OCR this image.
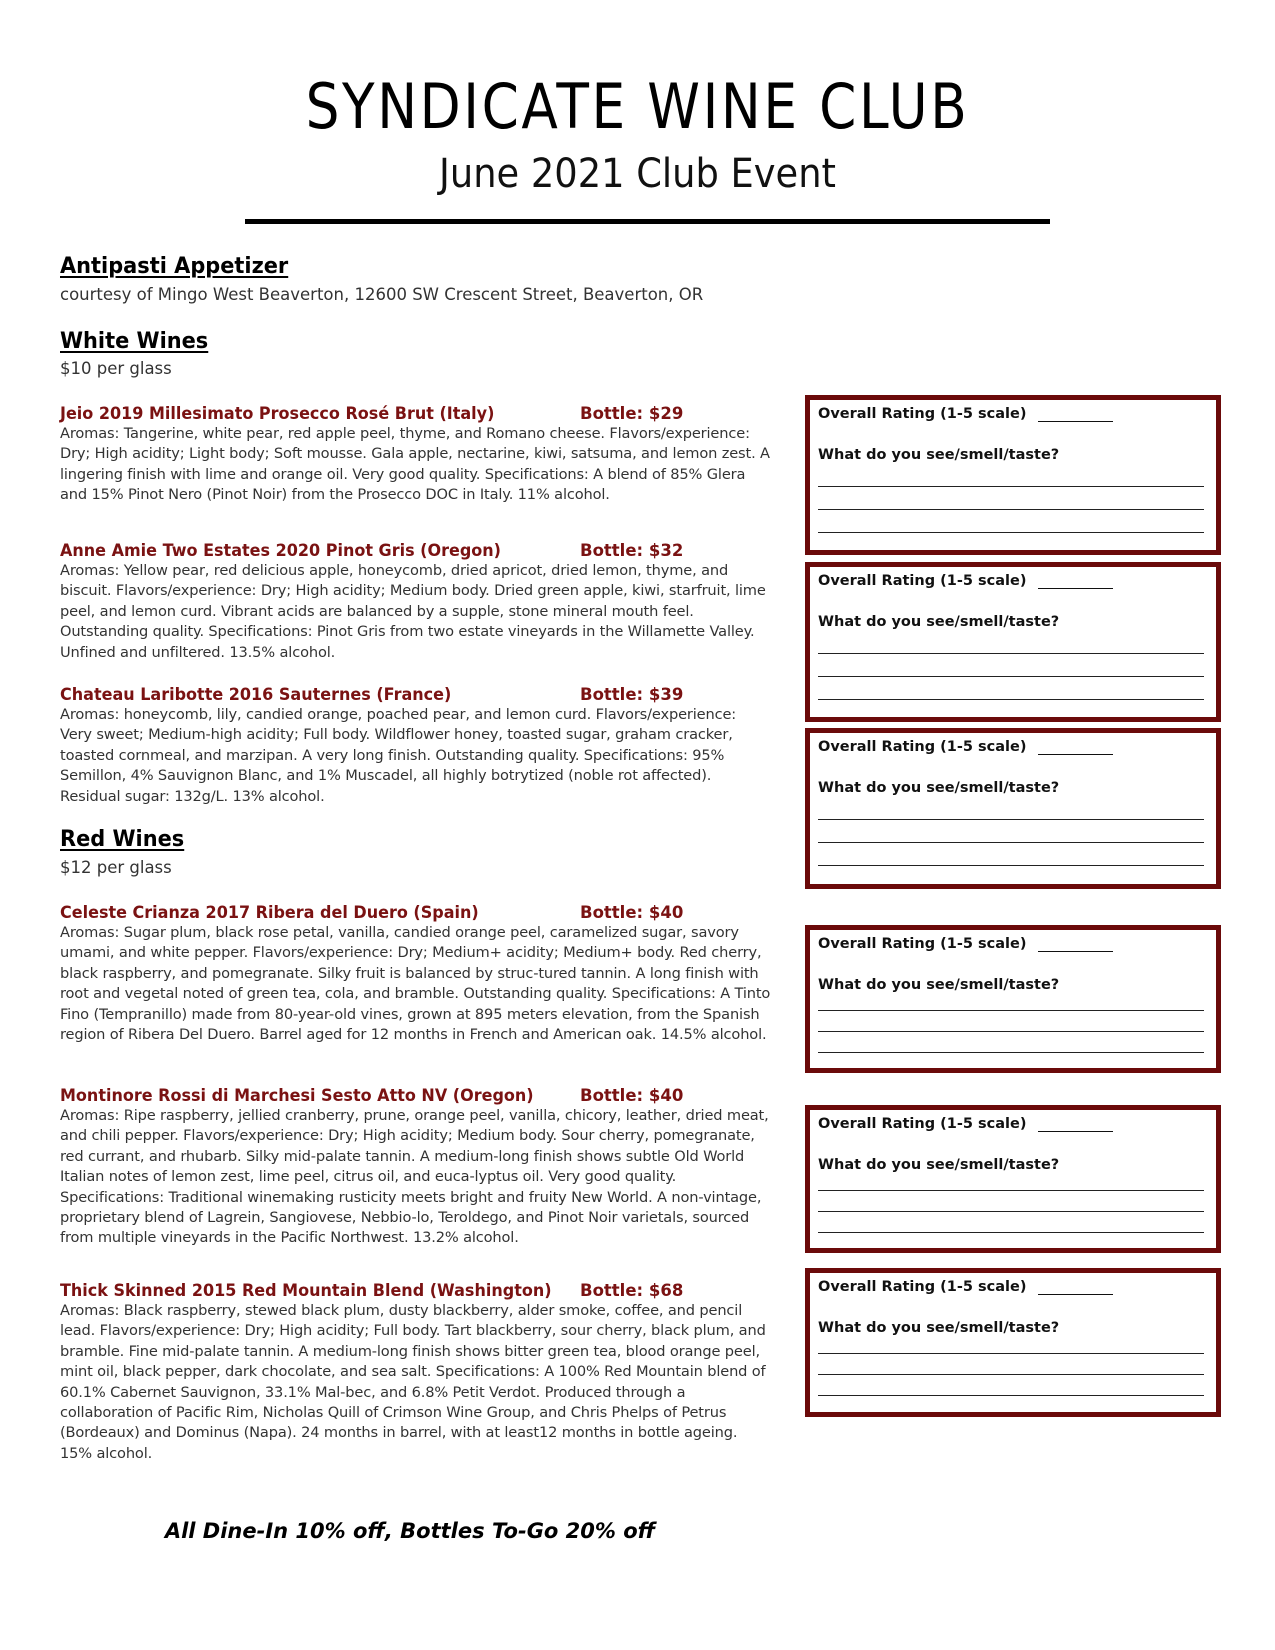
SYNDICATE WINE CLUB
June 2021 Club Event
Antipasti Appetizer
courtesy of Mingo West Beaverton, 12600 SW Crescent Street, Beaverton, OR
White Wines
$10 per glass
Jeio 2019 Millesimato Prosecco Rosé Brut (Italy)	Bottle: $29
Aromas: Tangerine, white pear, red apple peel, thyme, and Romano cheese. Flavors/experience: Dry; High acidity; Light body; Soft mousse. Gala apple, nectarine, kiwi, satsuma, and lemon zest. A lingering finish with lime and orange oil. Very good quality. Specifications: A blend of 85% Glera and 15% Pinot Nero (Pinot Noir) from the Prosecco DOC in Italy. 11% alcohol.
Anne Amie Two Estates 2020 Pinot Gris (Oregon)	Bottle: $32
Aromas: Yellow pear, red delicious apple, honeycomb, dried apricot, dried lemon, thyme, and biscuit. Flavors/experience: Dry; High acidity; Medium body. Dried green apple, kiwi, starfruit, lime peel, and lemon curd. Vibrant acids are balanced by a supple, stone mineral mouth feel. Outstanding quality. Specifications: Pinot Gris from two estate vineyards in the Willamette Valley. Unfined and unfiltered. 13.5% alcohol.
Chateau Laribotte 2016 Sauternes (France)	Bottle: $39
Aromas: honeycomb, lily, candied orange, poached pear, and lemon curd. Flavors/experience: Very sweet; Medium-high acidity; Full body. Wildflower honey, toasted sugar, graham cracker, toasted cornmeal, and marzipan. A very long finish. Outstanding quality. Specifications: 95% Semillon, 4% Sauvignon Blanc, and 1% Muscadel, all highly botrytized (noble rot affected). Residual sugar: 132g/L. 13% alcohol.
Red Wines
$12 per glass
Celeste Crianza 2017 Ribera del Duero (Spain)	Bottle: $40
Aromas: Sugar plum, black rose petal, vanilla, candied orange peel, caramelized sugar, savory umami, and white pepper. Flavors/experience: Dry; Medium+ acidity; Medium+ body. Red cherry, black raspberry, and pomegranate. Silky fruit is balanced by struc-tured tannin. A long finish with root and vegetal noted of green tea, cola, and bramble. Outstanding quality. Specifications: A Tinto Fino (Tempranillo) made from 80-year-old vines, grown at 895 meters elevation, from the Spanish region of Ribera Del Duero. Barrel aged for 12 months in French and American oak. 14.5% alcohol.
Montinore Rossi di Marchesi Sesto Atto NV (Oregon)	Bottle: $40
Aromas: Ripe raspberry, jellied cranberry, prune, orange peel, vanilla, chicory, leather, dried meat, and chili pepper. Flavors/experience: Dry; High acidity; Medium body. Sour cherry, pomegranate, red currant, and rhubarb. Silky mid-palate tannin. A medium-long finish shows subtle Old World Italian notes of lemon zest, lime peel, citrus oil, and euca-lyptus oil. Very good quality. Specifications: Traditional winemaking rusticity meets bright and fruity New World. A non-vintage, proprietary blend of Lagrein, Sangiovese, Nebbio-lo, Teroldego, and Pinot Noir varietals, sourced from multiple vineyards in the Pacific Northwest. 13.2% alcohol.
Thick Skinned 2015 Red Mountain Blend (Washington) Bottle: $68
Aromas: Black raspberry, stewed black plum, dusty blackberry, alder smoke, coffee, and pencil lead. Flavors/experience: Dry; High acidity; Full body. Tart blackberry, sour cherry, black plum, and bramble. Fine mid-palate tannin. A medium-long finish shows bitter green tea, blood orange peel, mint oil, black pepper, dark chocolate, and sea salt. Specifications: A 100% Red Mountain blend of 60.1% Cabernet Sauvignon, 33.1% Mal-bec, and 6.8% Petit Verdot. Produced through a collaboration of Pacific Rim, Nicholas Quill of Crimson Wine Group, and Chris Phelps of Petrus (Bordeaux) and Dominus (Napa). 24 months in barrel, with at least12 months in bottle ageing. 15% alcohol.
Overall Rating (1-5 scale)
What do you see/smell/taste?
Overall Rating (1-5 scale)
What do you see/smell/taste?
Overall Rating (1-5 scale)
What do you see/smell/taste?
Overall Rating (1-5 scale)
What do you see/smell/taste?
Overall Rating (1-5 scale)
What do you see/smell/taste?
Overall Rating (1-5 scale)
What do you see/smell/taste?
All Dine-In 10% off, Bottles To-Go 20% off
